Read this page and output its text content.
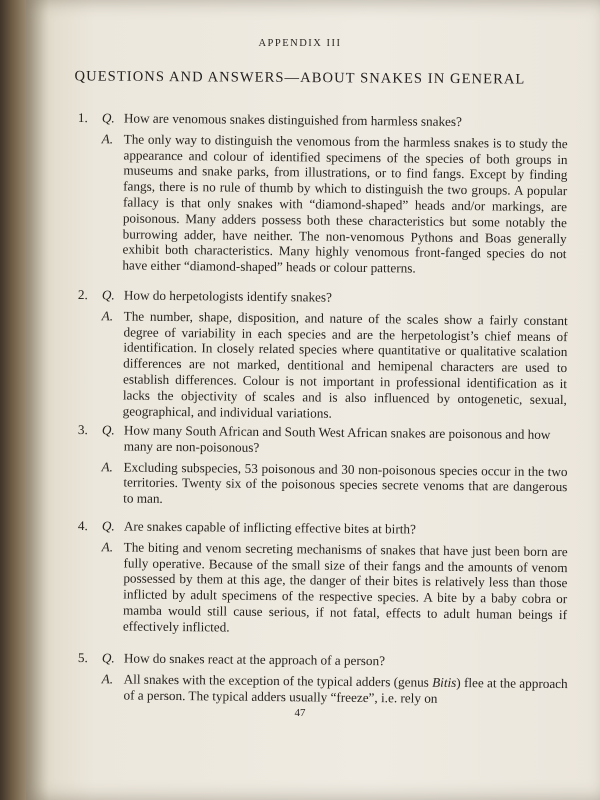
APPENDIX III
QUESTIONS AND ANSWERS—ABOUT SNAKES IN GENERAL
1.	Q. How are venomous snakes distinguished from harmless snakes?
A. The only way to distinguish the venomous from the harmless snakes is to study the appearance and colour of identified specimens of the species of both groups in museums and snake parks, from illustrations, or to find fangs. Except by finding fangs, there is no rule of thumb by which to distinguish the two groups. A popular fallacy is that only snakes with “diamond-shaped” heads and/or markings, are poisonous. Many adders possess both these characteristics but some notably the burrowing adder, have neither. The non-venomous Pythons and Boas generally exhibit both characteristics. Many highly venomous front-fanged species do not have either “diamond-shaped” heads or colour patterns.
2.	Q. How do herpetologists identify snakes?
A. The number, shape, disposition, and nature of the scales show a fairly constant degree of variability in each species and are the herpetologist’s chief means of identification. In closely related species where quantitative or qualitative scalation differences are not marked, dentitional and hemipenal characters are used to establish differences. Colour is not important in professional identification as it lacks the objectivity of scales and is also influenced by ontogenetic, sexual, geographical, and individual variations.
3.	Q. How many South African and South West African snakes are poisonous and how many are non-poisonous?
A. Excluding subspecies, 53 poisonous and 30 non-poisonous species occur in the two territories. Twenty six of the poisonous species secrete venoms that are dangerous to man.
4.	Q. Are snakes capable of inflicting effective bites at birth?
A. The biting and venom secreting mechanisms of snakes that have just been born are fully operative. Because of the small size of their fangs and the amounts of venom possessed by them at this age, the danger of their bites is relatively less than those inflicted by adult specimens of the respective species. A bite by a baby cobra or mamba would still cause serious, if not fatal, effects to adult human beings if effectively inflicted.
5.	Q. How do snakes react at the approach of a person?
A. All snakes with the exception of the typical adders (genus Bitis) flee at the approach of a person. The typical adders usually “freeze”, i.e. rely on
47
